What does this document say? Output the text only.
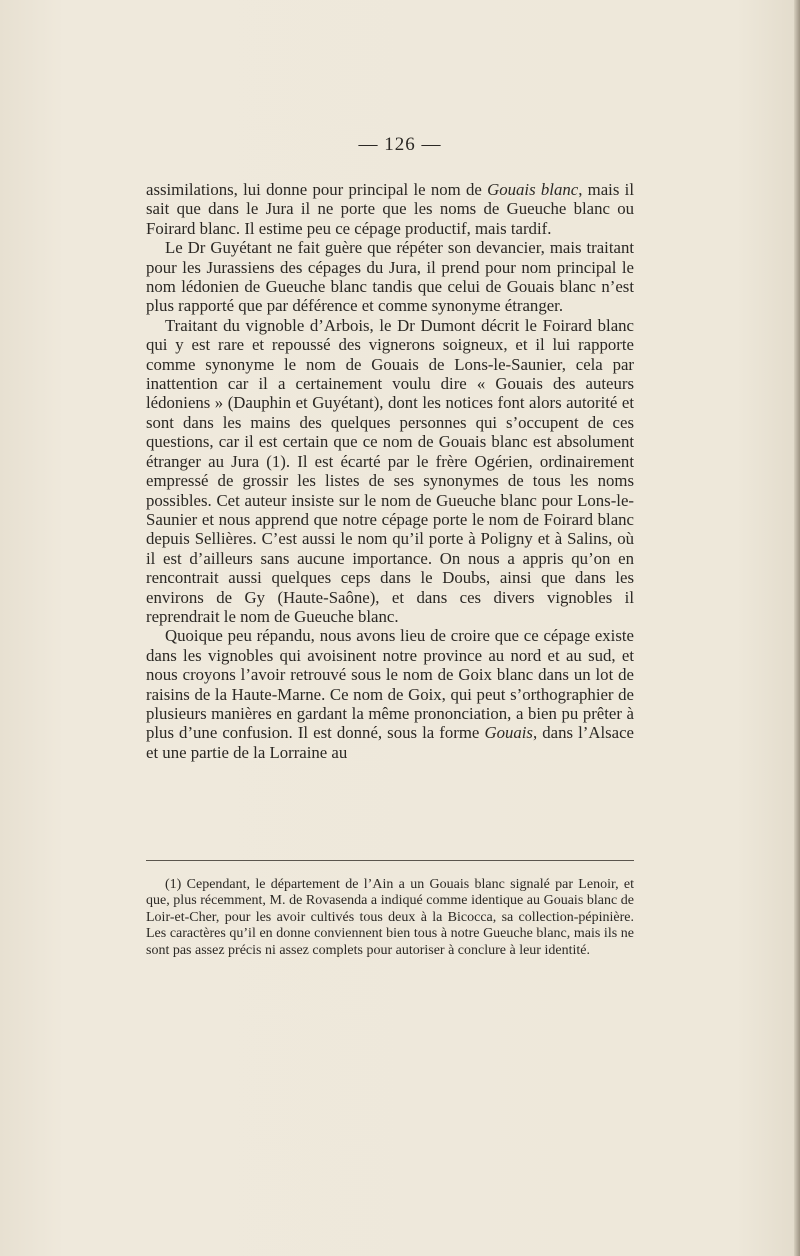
— 126 —

assimilations, lui donne pour principal le nom de Gouais blanc, mais il sait que dans le Jura il ne porte que les noms de Gueuche blanc ou Foirard blanc. Il estime peu ce cépage productif, mais tardif.

Le Dr Guyétant ne fait guère que répéter son devancier, mais traitant pour les Jurassiens des cépages du Jura, il prend pour nom principal le nom lédonien de Gueuche blanc tandis que celui de Gouais blanc n’est plus rapporté que par déférence et comme synonyme étranger.

Traitant du vignoble d’Arbois, le Dr Dumont décrit le Foirard blanc qui y est rare et repoussé des vignerons soigneux, et il lui rapporte comme synonyme le nom de Gouais de Lons-le-Saunier, cela par inattention car il a certainement voulu dire « Gouais des auteurs lédoniens » (Dauphin et Guyétant), dont les notices font alors autorité et sont dans les mains des quelques personnes qui s’occupent de ces questions, car il est certain que ce nom de Gouais blanc est absolument étranger au Jura (1). Il est écarté par le frère Ogérien, ordinairement empressé de grossir les listes de ses synonymes de tous les noms possibles. Cet auteur insiste sur le nom de Gueuche blanc pour Lons-le-Saunier et nous apprend que notre cépage porte le nom de Foirard blanc depuis Sellières. C’est aussi le nom qu’il porte à Poligny et à Salins, où il est d’ailleurs sans aucune importance. On nous a appris qu’on en rencontrait aussi quelques ceps dans le Doubs, ainsi que dans les environs de Gy (Haute-Saône), et dans ces divers vignobles il reprendrait le nom de Gueuche blanc.

Quoique peu répandu, nous avons lieu de croire que ce cépage existe dans les vignobles qui avoisinent notre province au nord et au sud, et nous croyons l’avoir retrouvé sous le nom de Goix blanc dans un lot de raisins de la Haute-Marne. Ce nom de Goix, qui peut s’orthographier de plusieurs manières en gardant la même prononciation, a bien pu prêter à plus d’une confusion. Il est donné, sous la forme Gouais, dans l’Alsace et une partie de la Lorraine au

(1) Cependant, le département de l’Ain a un Gouais blanc signalé par Lenoir, et que, plus récemment, M. de Rovasenda a indiqué comme identique au Gouais blanc de Loir-et-Cher, pour les avoir cultivés tous deux à la Bicocca, sa collection-pépinière. Les caractères qu’il en donne conviennent bien tous à notre Gueuche blanc, mais ils ne sont pas assez précis ni assez complets pour autoriser à conclure à leur identité.
